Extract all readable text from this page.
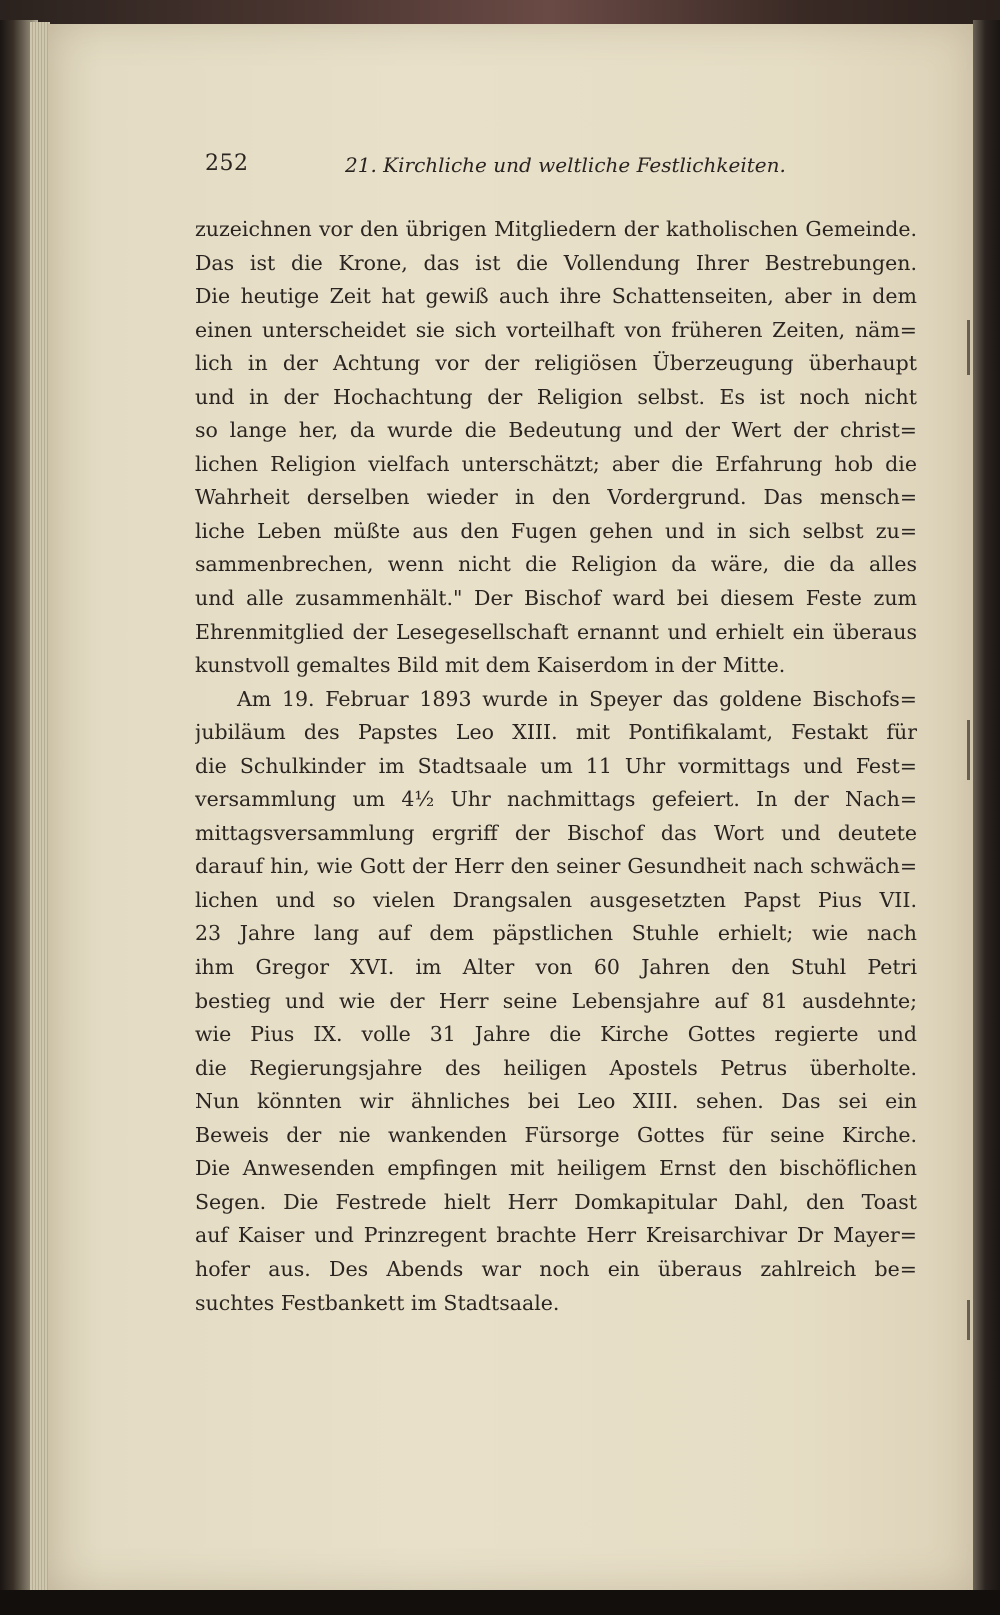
252	21. Kirchliche und weltliche Festlichkeiten.
zuzeichnen vor den übrigen Mitgliedern der katholischen Gemeinde.
Das ist die Krone, das ist die Vollendung Ihrer Bestrebungen.
Die heutige Zeit hat gewiß auch ihre Schattenseiten, aber in dem
einen unterscheidet sie sich vorteilhaft von früheren Zeiten, näm=
lich in der Achtung vor der religiösen Überzeugung überhaupt
und in der Hochachtung der Religion selbst. Es ist noch nicht
so lange her, da wurde die Bedeutung und der Wert der christ=
lichen Religion vielfach unterschätzt; aber die Erfahrung hob die
Wahrheit derselben wieder in den Vordergrund. Das mensch=
liche Leben müßte aus den Fugen gehen und in sich selbst zu=
sammenbrechen, wenn nicht die Religion da wäre, die da alles
und alle zusammenhält." Der Bischof ward bei diesem Feste zum
Ehrenmitglied der Lesegesellschaft ernannt und erhielt ein überaus
kunstvoll gemaltes Bild mit dem Kaiserdom in der Mitte.
Am 19. Februar 1893 wurde in Speyer das goldene Bischofs=
jubiläum des Papstes Leo XIII. mit Pontifikalamt, Festakt für
die Schulkinder im Stadtsaale um 11 Uhr vormittags und Fest=
versammlung um 4½ Uhr nachmittags gefeiert. In der Nach=
mittagsversammlung ergriff der Bischof das Wort und deutete
darauf hin, wie Gott der Herr den seiner Gesundheit nach schwäch=
lichen und so vielen Drangsalen ausgesetzten Papst Pius VII.
23 Jahre lang auf dem päpstlichen Stuhle erhielt; wie nach
ihm Gregor XVI. im Alter von 60 Jahren den Stuhl Petri
bestieg und wie der Herr seine Lebensjahre auf 81 ausdehnte;
wie Pius IX. volle 31 Jahre die Kirche Gottes regierte und
die Regierungsjahre des heiligen Apostels Petrus überholte.
Nun könnten wir ähnliches bei Leo XIII. sehen. Das sei ein
Beweis der nie wankenden Fürsorge Gottes für seine Kirche.
Die Anwesenden empfingen mit heiligem Ernst den bischöflichen
Segen. Die Festrede hielt Herr Domkapitular Dahl, den Toast
auf Kaiser und Prinzregent brachte Herr Kreisarchivar Dr Mayer=
hofer aus. Des Abends war noch ein überaus zahlreich be=
suchtes Festbankett im Stadtsaale.
